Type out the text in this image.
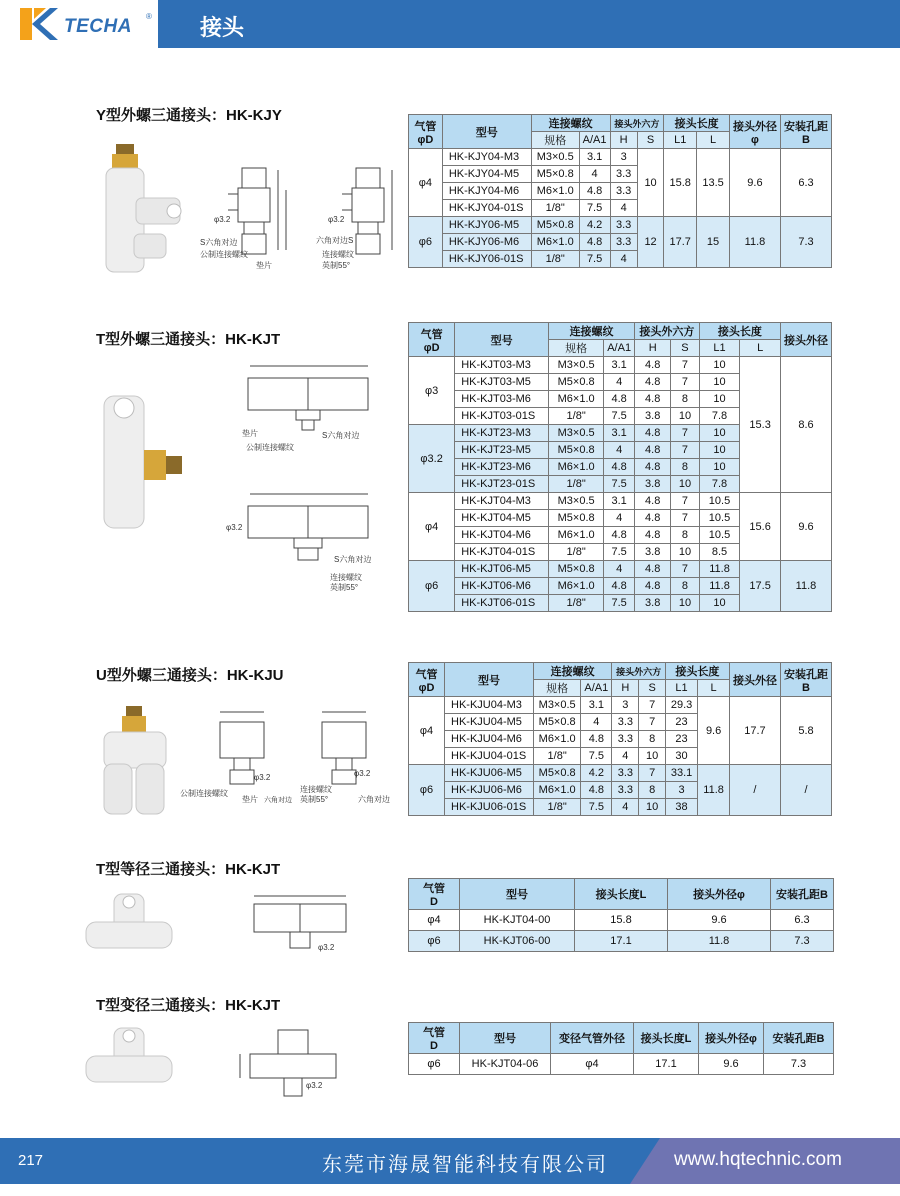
TECHA ® 接头
Y型外螺三通接头：HK-KJY
φ3.2
S六角对边
公制连接螺纹
垫片
φ3.2
六角对边S
连接螺纹
英制55°
气管
φD	型号	连接螺纹		接头外六方		接头长度		接头外径
φ	安装孔距
B
		规格	A/A1	H	S	L1	L		
φ4	HK-KJY04-M3	M3×0.5	3.1	3	10	15.8	13.5	9.6	6.3
	HK-KJY04-M5	M5×0.8	4	3.3					
	HK-KJY04-M6	M6×1.0	4.8	3.3					
	HK-KJY04-01S	1/8"	7.5	4					
φ6	HK-KJY06-M5	M5×0.8	4.2	3.3	12	17.7	15	11.8	7.3
	HK-KJY06-M6	M6×1.0	4.8	3.3					
	HK-KJY06-01S	1/8"	7.5	4					
T型外螺三通接头：HK-KJT
垫片	S六角对边
公制连接螺纹
φ3.2
S六角对边
连接螺纹
英制55°
气管
φD	型号	连接螺纹		接头外六方		接头长度		接头外径
		规格	A/A1	H	S	L1	L	
φ3	HK-KJT03-M3	M3×0.5	3.1	4.8	7	10	15.3	8.6
	HK-KJT03-M5	M5×0.8	4	4.8	7	10		
	HK-KJT03-M6	M6×1.0	4.8	4.8	8	10		
	HK-KJT03-01S	1/8"	7.5	3.8	10	7.8		
φ3.2	HK-KJT23-M3	M3×0.5	3.1	4.8	7	10		
	HK-KJT23-M5	M5×0.8	4	4.8	7	10		
	HK-KJT23-M6	M6×1.0	4.8	4.8	8	10		
	HK-KJT23-01S	1/8"	7.5	3.8	10	7.8		
φ4	HK-KJT04-M3	M3×0.5	3.1	4.8	7	10.5	15.6	9.6
	HK-KJT04-M5	M5×0.8	4	4.8	7	10.5		
	HK-KJT04-M6	M6×1.0	4.8	4.8	8	10.5		
	HK-KJT04-01S	1/8"	7.5	3.8	10	8.5		
φ6	HK-KJT06-M5	M5×0.8	4	4.8	7	11.8	17.5	11.8
	HK-KJT06-M6	M6×1.0	4.8	4.8	8	11.8		
	HK-KJT06-01S	1/8"	7.5	3.8	10	10		
U型外螺三通接头：HK-KJU
φ3.2
公制连接螺纹
垫片 六角对边
φ3.2
连接螺纹
英制55°	六角对边
气管
φD	型号	连接螺纹		接头外六方		接头长度		接头外径	安装孔距
B
		规格	A/A1	H	S	L1	L		
φ4	HK-KJU04-M3	M3×0.5	3.1	3	7	29.3	9.6	17.7	5.8
	HK-KJU04-M5	M5×0.8	4	3.3	7	23			
	HK-KJU04-M6	M6×1.0	4.8	3.3	8	23			
	HK-KJU04-01S	1/8"	7.5	4	10	30			
φ6	HK-KJU06-M5	M5×0.8	4.2	3.3	7	33.1	11.8	/	/
	HK-KJU06-M6	M6×1.0	4.8	3.3	8	3			
	HK-KJU06-01S	1/8"	7.5	4	10	38			
T型等径三通接头：HK-KJT
φ3.2
气管
D	型号	接头长度L	接头外径φ	安装孔距B
φ4	HK-KJT04-00	15.8	9.6	6.3
φ6	HK-KJT06-00	17.1	11.8	7.3
T型变径三通接头：HK-KJT
φ3.2
气管
D	型号	变径气管外径	接头长度L	接头外径φ	安装孔距B
φ6	HK-KJT04-06	φ4	17.1	9.6	7.3
217	东莞市海晟智能科技有限公司	www.hqtechnic.com
